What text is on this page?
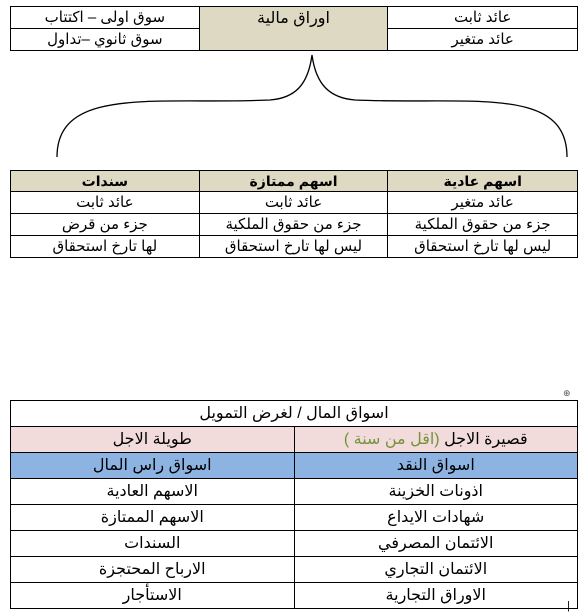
عائد ثابت	اوراق مالية	سوق اولى – اكتتاب
عائد متغير		سوق ثانوي –تداول
اسهم عادية	اسهم ممتازة	سندات
عائد متغير	عائد ثابت	عائد ثابت
جزء من حقوق الملكية	جزء من حقوق الملكية	جزء من قرض
ليس لها تارخ استحقاق	ليس لها تارخ استحقاق	لها تارخ استحقاق
⊕
اسواق المال / لغرض التمويل	
قصيرة الاجل (اقل من سنة )	طويلة الاجل
اسواق النقد	اسواق راس المال
اذونات الخزينة	الاسهم العادية
شهادات الايداع	الاسهم الممتازة
الائتمان المصرفي	السندات
الائتمان التجاري	الارباح المحتجزة
الاوراق التجارية	الاستأجار
|
